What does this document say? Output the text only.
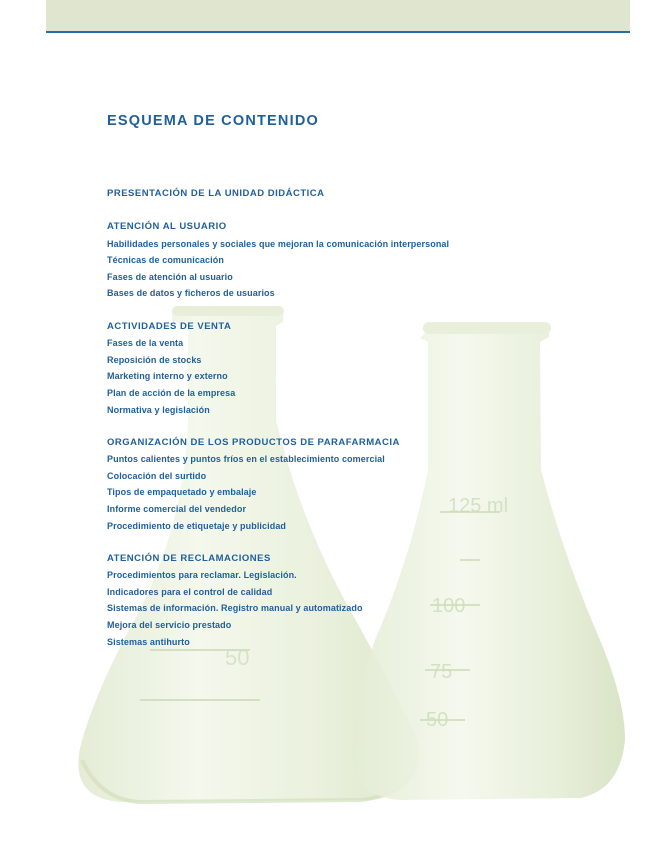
50
125 ml
100
75
50
ESQUEMA DE CONTENIDO
PRESENTACIÓN DE LA UNIDAD DIDÁCTICA
ATENCIÓN AL USUARIO
Habilidades personales y sociales que mejoran la comunicación interpersonal
Técnicas de comunicación
Fases de atención al usuario
Bases de datos y ficheros de usuarios
ACTIVIDADES DE VENTA
Fases de la venta
Reposición de stocks
Marketing interno y externo
Plan de acción de la empresa
Normativa y legislación
ORGANIZACIÓN DE LOS PRODUCTOS DE PARAFARMACIA
Puntos calientes y puntos fríos en el establecimiento comercial
Colocación del surtido
Tipos de empaquetado y embalaje
Informe comercial del vendedor
Procedimiento de etiquetaje y publicidad
ATENCIÓN DE RECLAMACIONES
Procedimientos para reclamar. Legislación.
Indicadores para el control de calidad
Sistemas de información. Registro manual y automatizado
Mejora del servicio prestado
Sistemas antihurto
